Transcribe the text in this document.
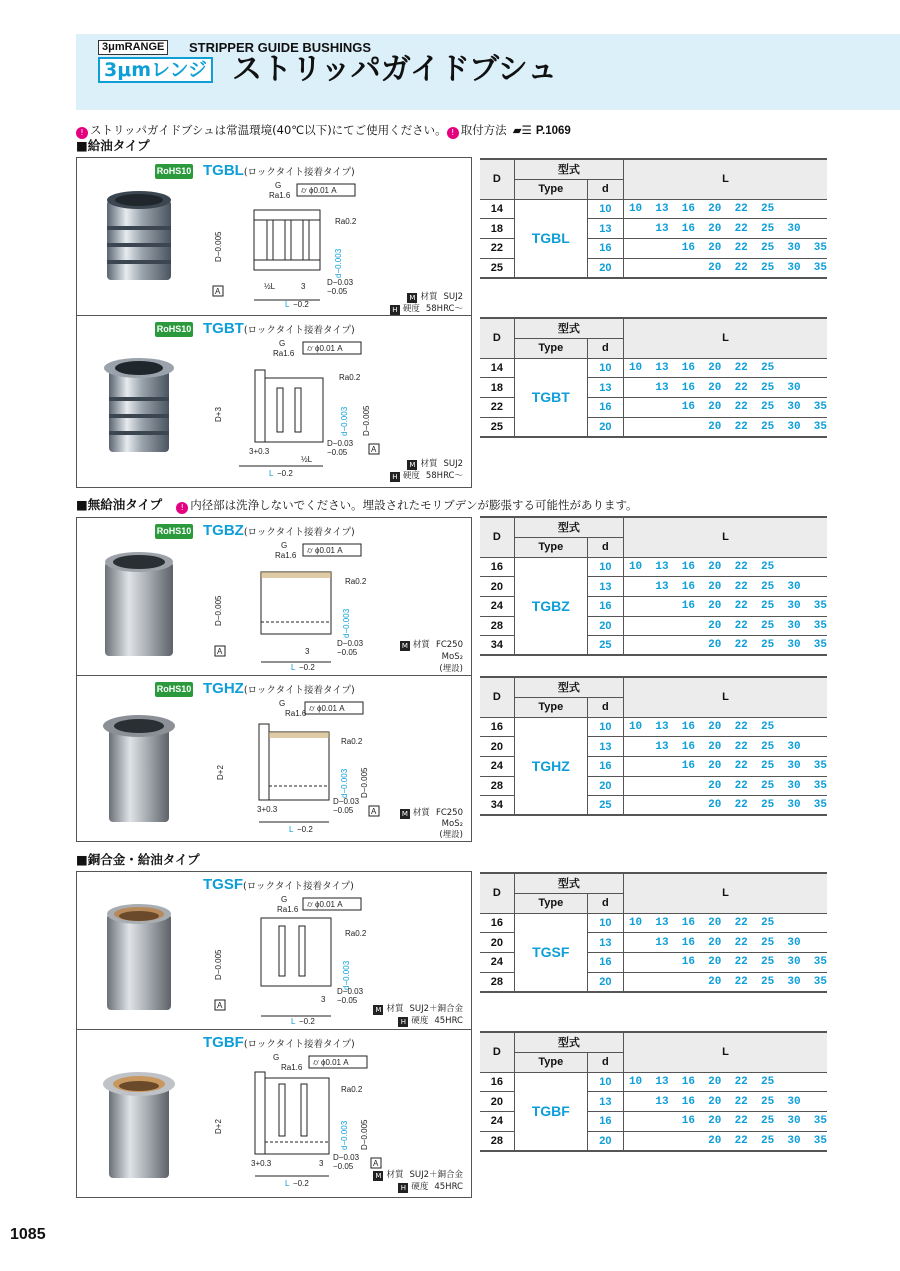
3μmRANGE	STRIPPER GUIDE BUSHINGS
3μmレンジ ストリッパガイドブシュ
! ストリッパガイドブシュは常温環境(40℃以下)にてご使用ください。 ! 取付方法 ▰☰ P.1069
■給油タイプ
■無給油タイプ ! 内径部は洗浄しないでください。埋設されたモリブデンが膨張する可能性があります。
■銅合金・給油タイプ
RoHS10 TGBL(ロックタイト接着タイプ)
⌭ ϕ0.01 A
G
Ra1.6
Ra0.2
D−0.005
d−0.003
D−0.03
−0.05
½L	3
L −0.2
A
M 材質 SUJ2
H 硬度 58HRC～
RoHS10 TGBT(ロックタイト接着タイプ)
⌭ ϕ0.01 A
G
Ra1.6
Ra0.2
D+3	d−0.003 D−0.005
D−0.03
−0.05
3+0.3
½L
L −0.2
A
M 材質 SUJ2
H 硬度 58HRC～
RoHS10 TGBZ(ロックタイト接着タイプ)
⌭ ϕ0.01 A
G
Ra1.6
Ra0.2
D−0.005	d−0.003
D−0.03
−0.05
3
L −0.2
A
M 材質 FC250
MoS₂
(埋設)
RoHS10 TGHZ(ロックタイト接着タイプ)
⌭ ϕ0.01 A
G
Ra1.6
Ra0.2
D+2	d−0.003 D−0.005
D−0.03
−0.05
3+0.3
L −0.2
A	M 材質 FC250
MoS₂
(埋設)
TGSF(ロックタイト接着タイプ)
⌭ ϕ0.01 A
G
Ra1.6
Ra0.2
D−0.005	d−0.003
D−0.03
−0.05
3
L −0.2
A	M 材質 SUJ2＋銅合金
H 硬度 45HRC
TGBF(ロックタイト接着タイプ)
⌭ ϕ0.01 A
G
Ra1.6
Ra0.2
D+2	d−0.003 D−0.005
D−0.03
−0.05
3+0.3	3
L −0.2
A
M 材質 SUJ2＋銅合金
H 硬度 45HRC
D	型式		L
	Type	d	
14	TGBL	10	10  13  16  20  22  25
18		13	13  16  20  22  25  30
22		16	16  20  22  25  30  35
25		20	20  22  25  30  35
D	型式		L
	Type	d	
14	TGBT	10	10  13  16  20  22  25
18		13	13  16  20  22  25  30
22		16	16  20  22  25  30  35
25		20	20  22  25  30  35
D	型式		L
	Type	d	
16	TGBZ	10	10  13  16  20  22  25
20		13	13  16  20  22  25  30
24		16	16  20  22  25  30  35
28		20	20  22  25  30  35
34		25	20  22  25  30  35
D	型式		L
	Type	d	
16	TGHZ	10	10  13  16  20  22  25
20		13	13  16  20  22  25  30
24		16	16  20  22  25  30  35
28		20	20  22  25  30  35
34		25	20  22  25  30  35
D	型式		L
	Type	d	
16	TGSF	10	10  13  16  20  22  25
20		13	13  16  20  22  25  30
24		16	16  20  22  25  30  35
28		20	20  22  25  30  35
D	型式		L
	Type	d	
16	TGBF	10	10  13  16  20  22  25
20		13	13  16  20  22  25  30
24		16	16  20  22  25  30  35
28		20	20  22  25  30  35
1085
